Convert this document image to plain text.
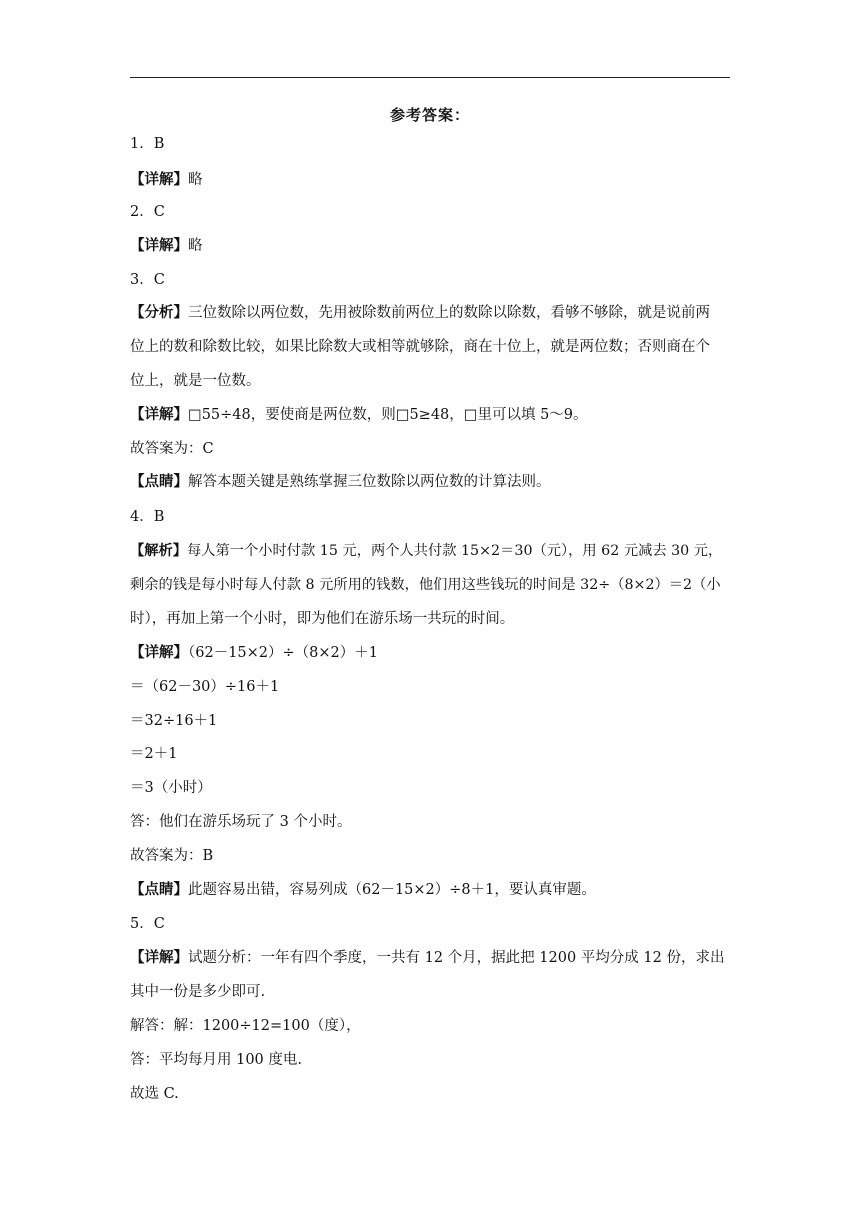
参考答案：
1．B
【详解】略
2．C
【详解】略
3．C
【分析】三位数除以两位数，先用被除数前两位上的数除以除数，看够不够除，就是说前两
位上的数和除数比较，如果比除数大或相等就够除，商在十位上，就是两位数；否则商在个
位上，就是一位数。
【详解】□55÷48，要使商是两位数，则□5≥48，□里可以填 5～9。
故答案为：C
【点睛】解答本题关键是熟练掌握三位数除以两位数的计算法则。
4．B
【解析】每人第一个小时付款 15 元，两个人共付款 15×2＝30（元），用 62 元减去 30 元，
剩余的钱是每小时每人付款 8 元所用的钱数，他们用这些钱玩的时间是 32÷（8×2）＝2（小
时），再加上第一个小时，即为他们在游乐场一共玩的时间。
【详解】（62－15×2）÷（8×2）＋1
＝（62－30）÷16＋1
＝32÷16＋1
＝2＋1
＝3（小时）
答：他们在游乐场玩了 3 个小时。
故答案为：B
【点睛】此题容易出错，容易列成（62－15×2）÷8＋1，要认真审题。
5．C
【详解】试题分析：一年有四个季度，一共有 12 个月，据此把 1200 平均分成 12 份，求出
其中一份是多少即可.
解答：解：1200÷12=100（度），
答：平均每月用 100 度电.
故选 C.
